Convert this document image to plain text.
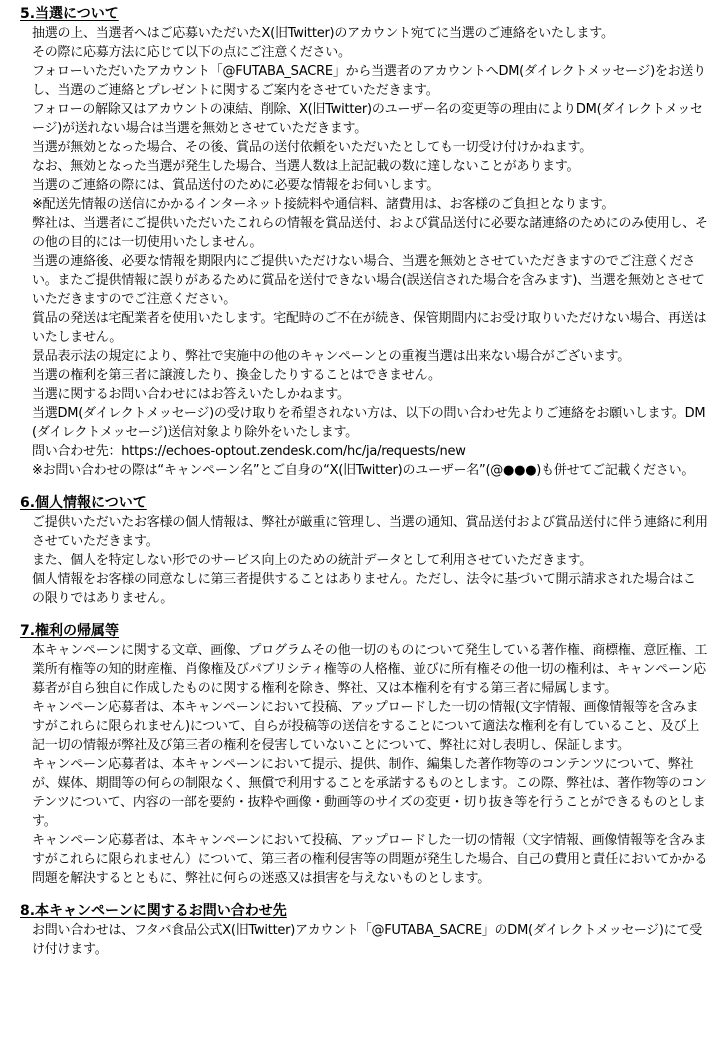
5.当選について

抽選の上、当選者へはご応募いただいたX(旧Twitter)のアカウント宛てに当選のご連絡をいたします。

その際に応募方法に応じて以下の点にご注意ください。

フォローいただいたアカウント「@FUTABA_SACRE」から当選者のアカウントへDM(ダイレクトメッセージ)をお送りし、当選のご連絡とプレゼントに関するご案内をさせていただきます。

フォローの解除又はアカウントの凍結、削除、X(旧Twitter)のユーザー名の変更等の理由によりDM(ダイレクトメッセージ)が送れない場合は当選を無効とさせていただきます。

当選が無効となった場合、その後、賞品の送付依頼をいただいたとしても一切受け付けかねます。

なお、無効となった当選が発生した場合、当選人数は上記記載の数に達しないことがあります。

当選のご連絡の際には、賞品送付のために必要な情報をお伺いします。

※配送先情報の送信にかかるインターネット接続料や通信料、諸費用は、お客様のご負担となります。

弊社は、当選者にご提供いただいたこれらの情報を賞品送付、および賞品送付に必要な諸連絡のためにのみ使用し、その他の目的には一切使用いたしません。

当選の連絡後、必要な情報を期限内にご提供いただけない場合、当選を無効とさせていただきますのでご注意ください。またご提供情報に誤りがあるために賞品を送付できない場合(誤送信された場合を含みます)、当選を無効とさせていただきますのでご注意ください。

賞品の発送は宅配業者を使用いたします。宅配時のご不在が続き、保管期間内にお受け取りいただけない場合、再送はいたしません。

景品表示法の規定により、弊社で実施中の他のキャンペーンとの重複当選は出来ない場合がございます。

当選の権利を第三者に譲渡したり、換金したりすることはできません。

当選に関するお問い合わせにはお答えいたしかねます。

当選DM(ダイレクトメッセージ)の受け取りを希望されない方は、以下の問い合わせ先よりご連絡をお願いします。DM(ダイレクトメッセージ)送信対象より除外をいたします。

問い合わせ先：https://echoes-optout.zendesk.com/hc/ja/requests/new

※お問い合わせの際は“キャンペーン名”とご自身の“X(旧Twitter)のユーザー名”(@●●●)も併せてご記載ください。

6.個人情報について

ご提供いただいたお客様の個人情報は、弊社が厳重に管理し、当選の通知、賞品送付および賞品送付に伴う連絡に利用させていただきます。

また、個人を特定しない形でのサービス向上のための統計データとして利用させていただきます。

個人情報をお客様の同意なしに第三者提供することはありません。ただし、法令に基づいて開示請求された場合はこの限りではありません。

7.権利の帰属等

本キャンペーンに関する文章、画像、プログラムその他一切のものについて発生している著作権、商標権、意匠権、工業所有権等の知的財産権、肖像権及びパブリシティ権等の人格権、並びに所有権その他一切の権利は、キャンペーン応募者が自ら独自に作成したものに関する権利を除き、弊社、又は本権利を有する第三者に帰属します。

キャンペーン応募者は、本キャンペーンにおいて投稿、アップロードした一切の情報(文字情報、画像情報等を含みますがこれらに限られません)について、自らが投稿等の送信をすることについて適法な権利を有していること、及び上記一切の情報が弊社及び第三者の権利を侵害していないことについて、弊社に対し表明し、保証します。

キャンペーン応募者は、本キャンペーンにおいて提示、提供、制作、編集した著作物等のコンテンツについて、弊社が、媒体、期間等の何らの制限なく、無償で利用することを承諾するものとします。この際、弊社は、著作物等のコンテンツについて、内容の一部を要約・抜粋や画像・動画等のサイズの変更・切り抜き等を行うことができるものとします。

キャンペーン応募者は、本キャンペーンにおいて投稿、アップロードした一切の情報（文字情報、画像情報等を含みますがこれらに限られません）について、第三者の権利侵害等の問題が発生した場合、自己の費用と責任においてかかる問題を解決するとともに、弊社に何らの迷惑又は損害を与えないものとします。

8.本キャンペーンに関するお問い合わせ先

お問い合わせは、フタバ食品公式X(旧Twitter)アカウント「@FUTABA_SACRE」のDM(ダイレクトメッセージ)にて受け付けます。
